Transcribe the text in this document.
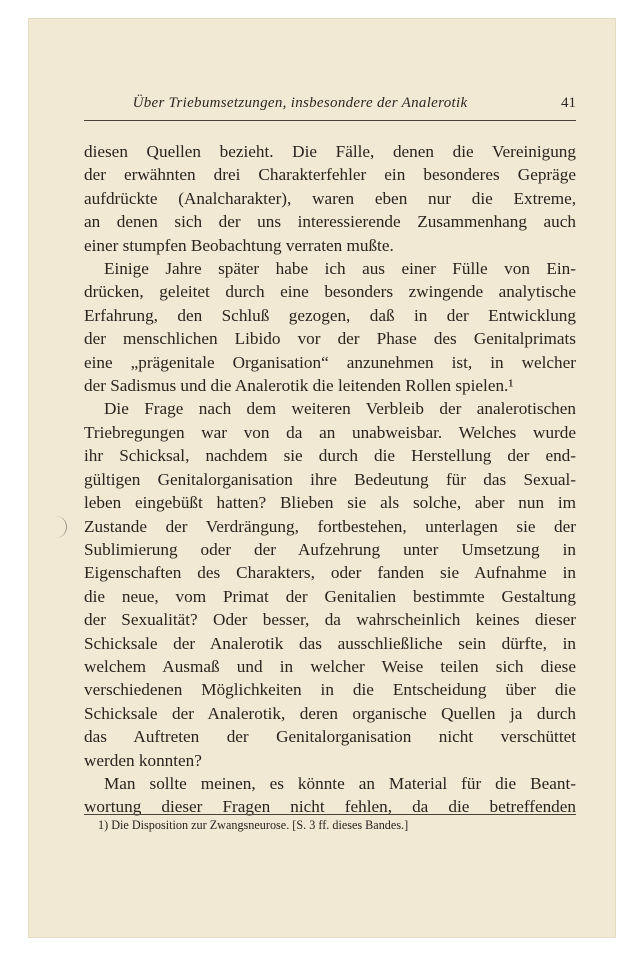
Über Triebumsetzungen, insbesondere der Analerotik	41
diesen Quellen bezieht. Die Fälle, denen die Vereinigung
der erwähnten drei Charakterfehler ein besonderes Gepräge
aufdrückte (Analcharakter), waren eben nur die Extreme,
an denen sich der uns interessierende Zusammenhang auch
einer stumpfen Beobachtung verraten mußte.
Einige Jahre später habe ich aus einer Fülle von Ein-
drücken, geleitet durch eine besonders zwingende analytische
Erfahrung, den Schluß gezogen, daß in der Entwicklung
der menschlichen Libido vor der Phase des Genitalprimats
eine „prägenitale Organisation“ anzunehmen ist, in welcher
der Sadismus und die Analerotik die leitenden Rollen spielen.¹
Die Frage nach dem weiteren Verbleib der analerotischen
Triebregungen war von da an unabweisbar. Welches wurde
ihr Schicksal, nachdem sie durch die Herstellung der end-
gültigen Genitalorganisation ihre Bedeutung für das Sexual-
leben eingebüßt hatten? Blieben sie als solche, aber nun im
Zustande der Verdrängung, fortbestehen, unterlagen sie der
Sublimierung oder der Aufzehrung unter Umsetzung in
Eigenschaften des Charakters, oder fanden sie Aufnahme in
die neue, vom Primat der Genitalien bestimmte Gestaltung
der Sexualität? Oder besser, da wahrscheinlich keines dieser
Schicksale der Analerotik das ausschließliche sein dürfte, in
welchem Ausmaß und in welcher Weise teilen sich diese
verschiedenen Möglichkeiten in die Entscheidung über die
Schicksale der Analerotik, deren organische Quellen ja durch
das Auftreten der Genitalorganisation nicht verschüttet
werden konnten?
Man sollte meinen, es könnte an Material für die Beant-
wortung dieser Fragen nicht fehlen, da die betreffenden
1) Die Disposition zur Zwangsneurose. [S. 3 ff. dieses Bandes.]
